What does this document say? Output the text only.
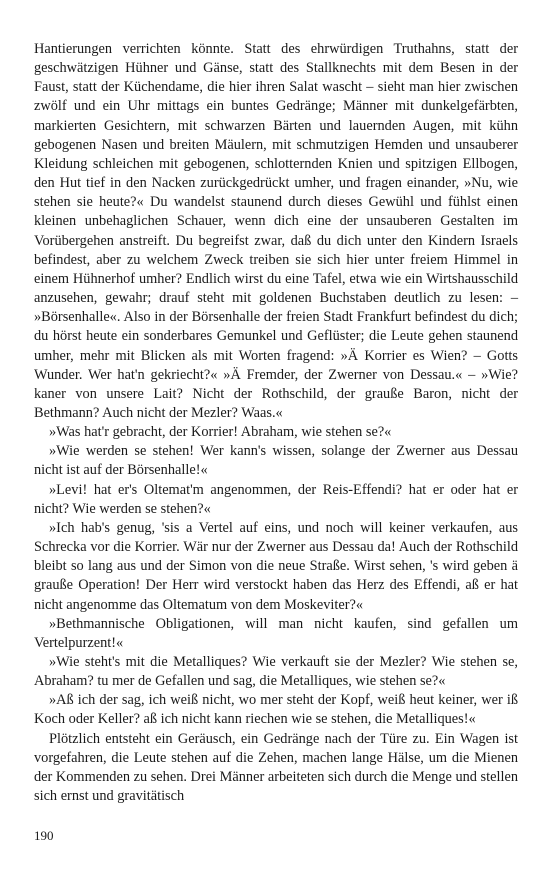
Hantierungen verrichten könnte. Statt des ehrwürdigen Truthahns, statt der geschwätzigen Hühner und Gänse, statt des Stallknechts mit dem Besen in der Faust, statt der Küchendame, die hier ihren Salat wascht – sieht man hier zwischen zwölf und ein Uhr mittags ein buntes Gedränge; Männer mit dunkelgefärbten, markierten Gesichtern, mit schwarzen Bärten und lauernden Augen, mit kühn gebogenen Nasen und breiten Mäulern, mit schmutzigen Hemden und unsauberer Kleidung schleichen mit gebogenen, schlotternden Knien und spitzigen Ellbogen, den Hut tief in den Nacken zurückgedrückt umher, und fragen einander, »Nu, wie stehen sie heute?« Du wandelst staunend durch dieses Gewühl und fühlst einen kleinen unbehaglichen Schauer, wenn dich eine der unsauberen Gestalten im Vorübergehen anstreift. Du begreifst zwar, daß du dich unter den Kindern Israels befindest, aber zu welchem Zweck treiben sie sich hier unter freiem Himmel in einem Hühnerhof umher? Endlich wirst du eine Tafel, etwa wie ein Wirtshausschild anzusehen, gewahr; drauf steht mit goldenen Buchstaben deutlich zu lesen: – »Börsenhalle«. Also in der Börsenhalle der freien Stadt Frankfurt befindest du dich; du hörst heute ein sonderbares Gemunkel und Geflüster; die Leute gehen staunend umher, mehr mit Blicken als mit Worten fragend: »Ä Korrier es Wien? – Gotts Wunder. Wer hat'n gekriecht?« »Ä Fremder, der Zwerner von Dessau.« – »Wie? kaner von unsere Lait? Nicht der Rothschild, der grauße Baron, nicht der Bethmann? Auch nicht der Mezler? Waas.«

»Was hat'r gebracht, der Korrier! Abraham, wie stehen se?«

»Wie werden se stehen! Wer kann's wissen, solange der Zwerner aus Dessau nicht ist auf der Börsenhalle!«

»Levi! hat er's Oltemat'm angenommen, der Reis-Effendi? hat er oder hat er nicht? Wie werden se stehen?«

»Ich hab's genug, 'sis a Vertel auf eins, und noch will keiner verkaufen, aus Schrecka vor die Korrier. Wär nur der Zwerner aus Dessau da! Auch der Rothschild bleibt so lang aus und der Simon von die neue Straße. Wirst sehen, 's wird geben ä grauße Operation! Der Herr wird verstockt haben das Herz des Effendi, aß er hat nicht angenomme das Oltematum von dem Moskeviter?«

»Bethmannische Obligationen, will man nicht kaufen, sind gefallen um Vertelpurzent!«

»Wie steht's mit die Metalliques? Wie verkauft sie der Mezler? Wie stehen se, Abraham? tu mer de Gefallen und sag, die Metalliques, wie stehen se?«

»Aß ich der sag, ich weiß nicht, wo mer steht der Kopf, weiß heut keiner, wer iß Koch oder Keller? aß ich nicht kann riechen wie se stehen, die Metalliques!«

Plötzlich entsteht ein Geräusch, ein Gedränge nach der Türe zu. Ein Wagen ist vorgefahren, die Leute stehen auf die Zehen, machen lange Hälse, um die Mienen der Kommenden zu sehen. Drei Männer arbeiteten sich durch die Menge und stellen sich ernst und gravitätisch

190
